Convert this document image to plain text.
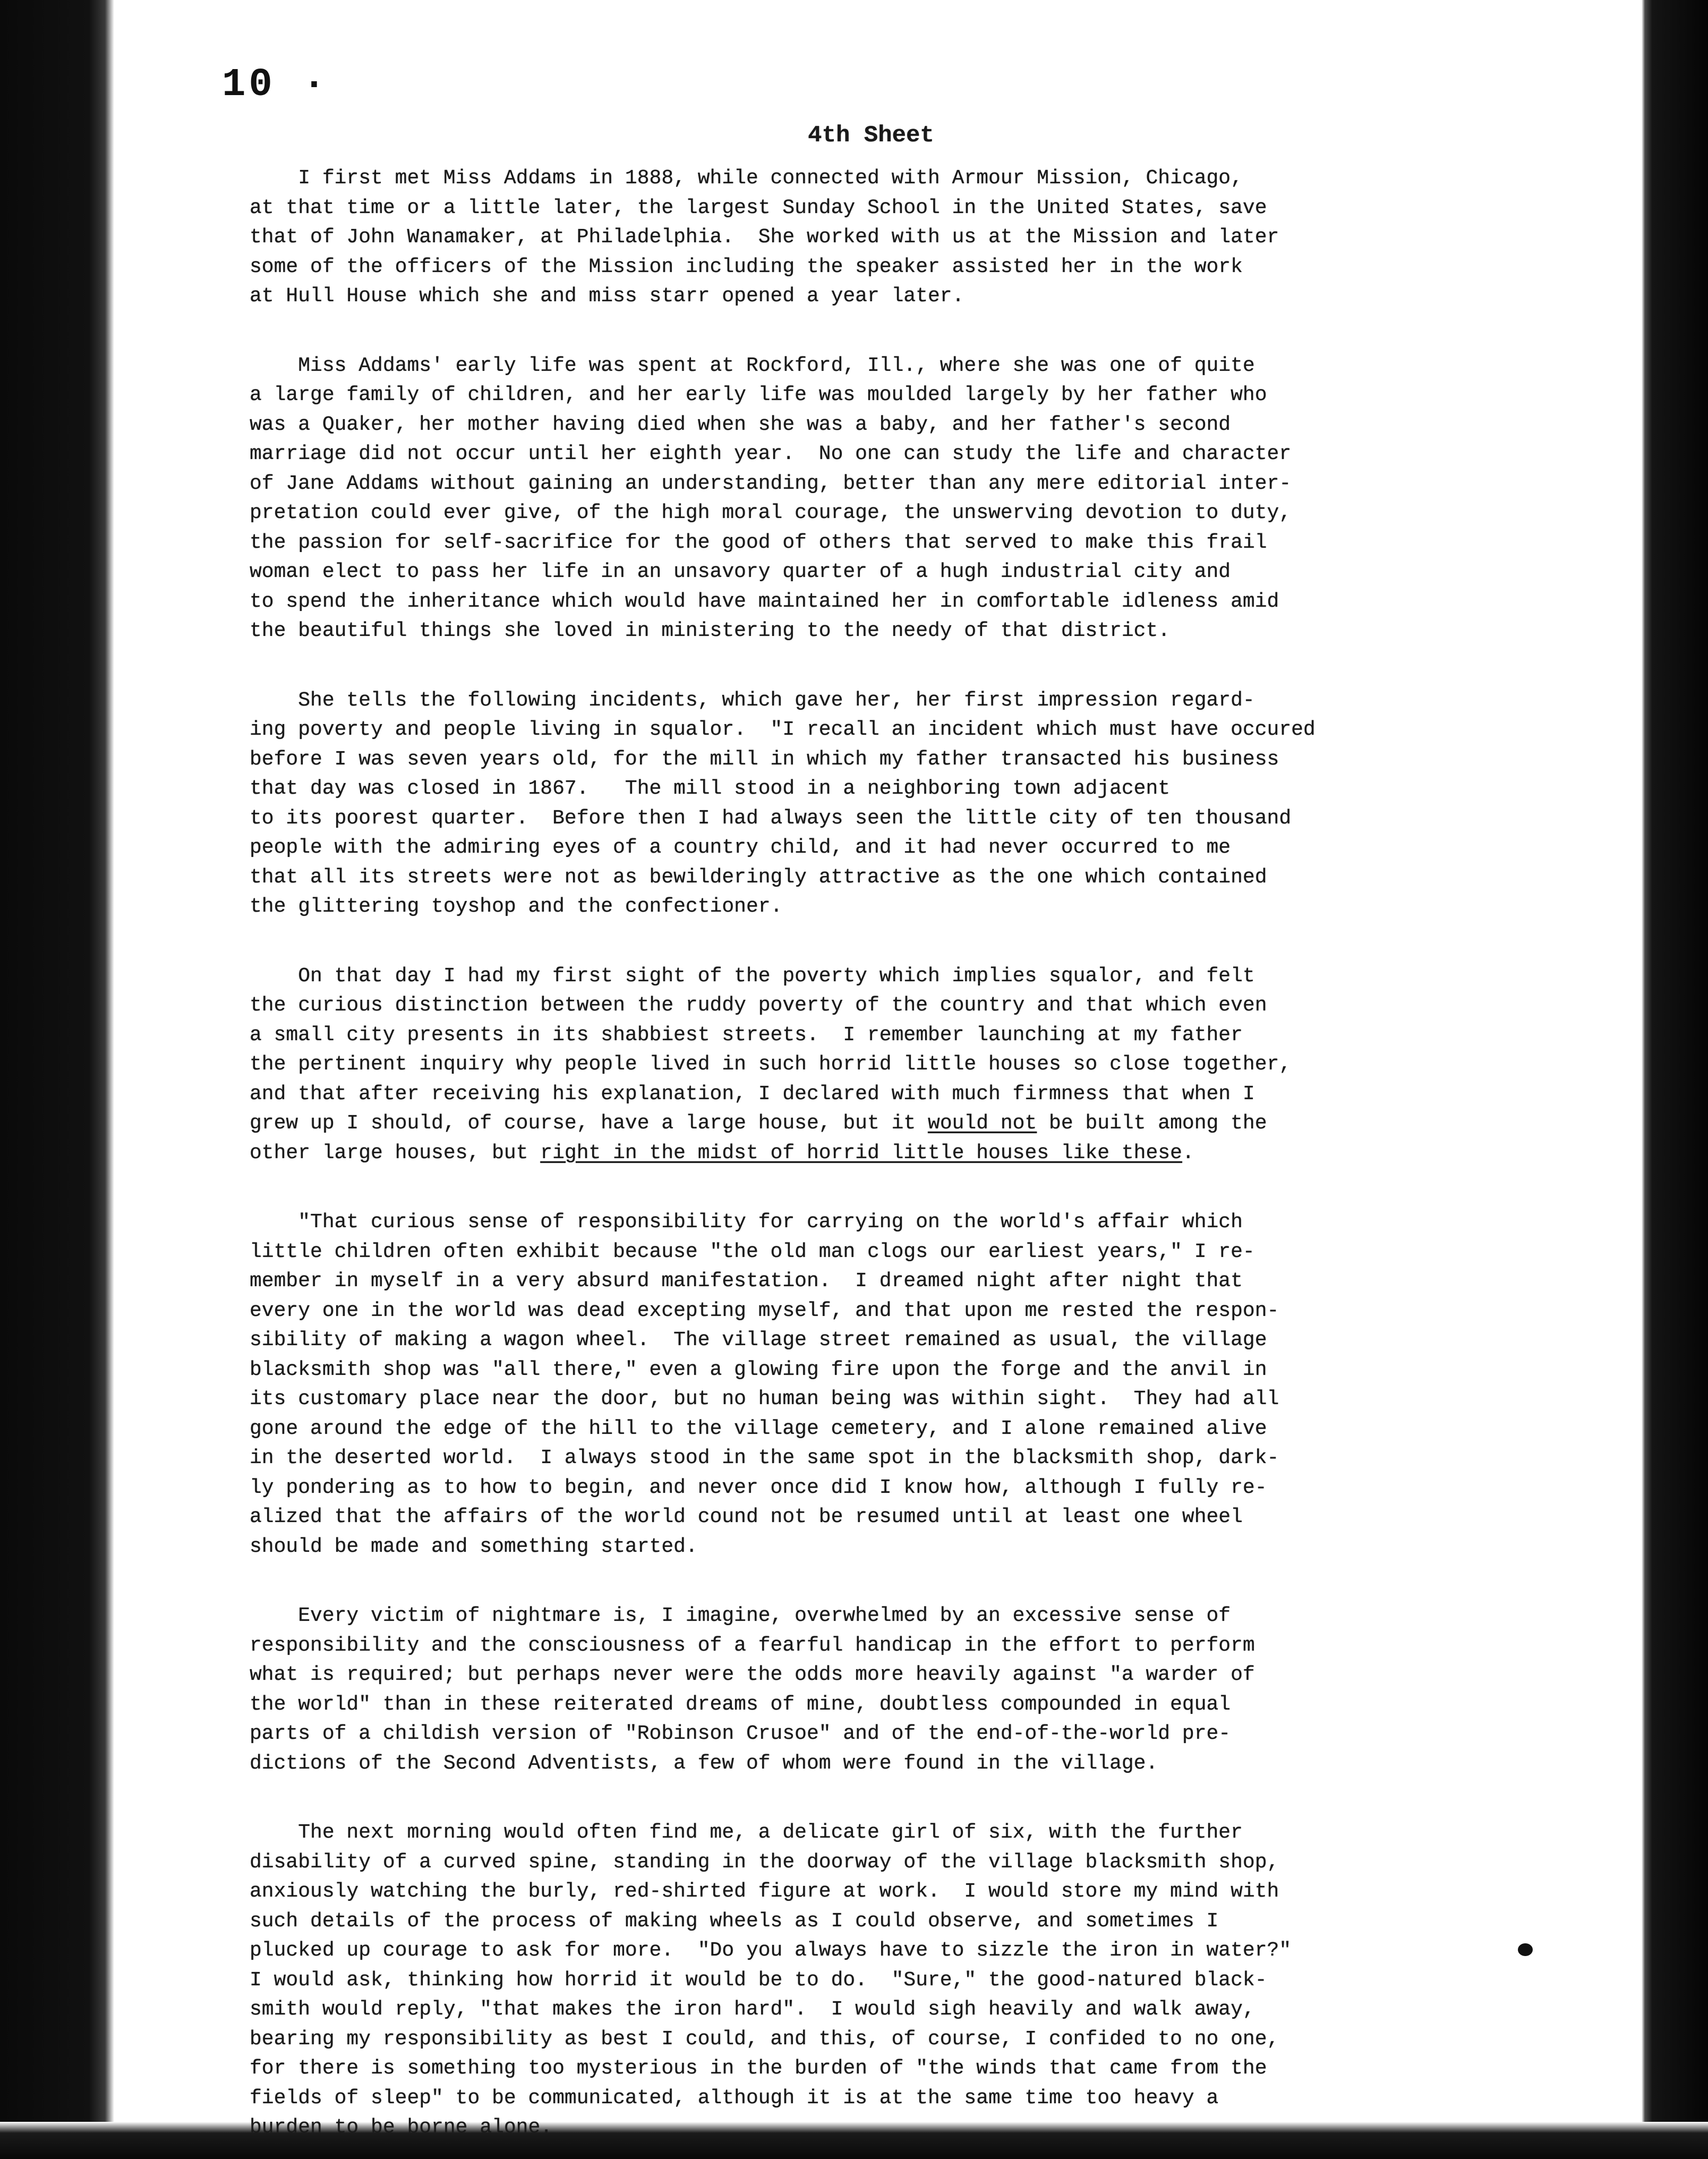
10 ·
4th Sheet
I first met Miss Addams in 1888, while connected with Armour Mission, Chicago,
at that time or a little later, the largest Sunday School in the United States, save
that of John Wanamaker, at Philadelphia.  She worked with us at the Mission and later
some of the officers of the Mission including the speaker assisted her in the work
at Hull House which she and miss starr opened a year later.
Miss Addams' early life was spent at Rockford, Ill., where she was one of quite
a large family of children, and her early life was moulded largely by her father who
was a Quaker, her mother having died when she was a baby, and her father's second
marriage did not occur until her eighth year.  No one can study the life and character
of Jane Addams without gaining an understanding, better than any mere editorial inter-
pretation could ever give, of the high moral courage, the unswerving devotion to duty,
the passion for self-sacrifice for the good of others that served to make this frail
woman elect to pass her life in an unsavory quarter of a hugh industrial city and
to spend the inheritance which would have maintained her in comfortable idleness amid
the beautiful things she loved in ministering to the needy of that district.
She tells the following incidents, which gave her, her first impression regard-
ing poverty and people living in squalor.  "I recall an incident which must have occured
before I was seven years old, for the mill in which my father transacted his business
that day was closed in 1867.   The mill stood in a neighboring town adjacent
to its poorest quarter.  Before then I had always seen the little city of ten thousand
people with the admiring eyes of a country child, and it had never occurred to me
that all its streets were not as bewilderingly attractive as the one which contained
the glittering toyshop and the confectioner.
On that day I had my first sight of the poverty which implies squalor, and felt
the curious distinction between the ruddy poverty of the country and that which even
a small city presents in its shabbiest streets.  I remember launching at my father
the pertinent inquiry why people lived in such horrid little houses so close together,
and that after receiving his explanation, I declared with much firmness that when I
grew up I should, of course, have a large house, but it would not be built among the
other large houses, but right in the midst of horrid little houses like these.
"That curious sense of responsibility for carrying on the world's affair which
little children often exhibit because "the old man clogs our earliest years," I re-
member in myself in a very absurd manifestation.  I dreamed night after night that
every one in the world was dead excepting myself, and that upon me rested the respon-
sibility of making a wagon wheel.  The village street remained as usual, the village
blacksmith shop was "all there," even a glowing fire upon the forge and the anvil in
its customary place near the door, but no human being was within sight.  They had all
gone around the edge of the hill to the village cemetery, and I alone remained alive
in the deserted world.  I always stood in the same spot in the blacksmith shop, dark-
ly pondering as to how to begin, and never once did I know how, although I fully re-
alized that the affairs of the world cound not be resumed until at least one wheel
should be made and something started.
Every victim of nightmare is, I imagine, overwhelmed by an excessive sense of
responsibility and the consciousness of a fearful handicap in the effort to perform
what is required; but perhaps never were the odds more heavily against "a warder of
the world" than in these reiterated dreams of mine, doubtless compounded in equal
parts of a childish version of "Robinson Crusoe" and of the end-of-the-world pre-
dictions of the Second Adventists, a few of whom were found in the village.
The next morning would often find me, a delicate girl of six, with the further
disability of a curved spine, standing in the doorway of the village blacksmith shop,
anxiously watching the burly, red-shirted figure at work.  I would store my mind with
such details of the process of making wheels as I could observe, and sometimes I
plucked up courage to ask for more.  "Do you always have to sizzle the iron in water?"
I would ask, thinking how horrid it would be to do.  "Sure," the good-natured black-
smith would reply, "that makes the iron hard".  I would sigh heavily and walk away,
bearing my responsibility as best I could, and this, of course, I confided to no one,
for there is something too mysterious in the burden of "the winds that came from the
fields of sleep" to be communicated, although it is at the same time too heavy a
burden to be borne alone.
